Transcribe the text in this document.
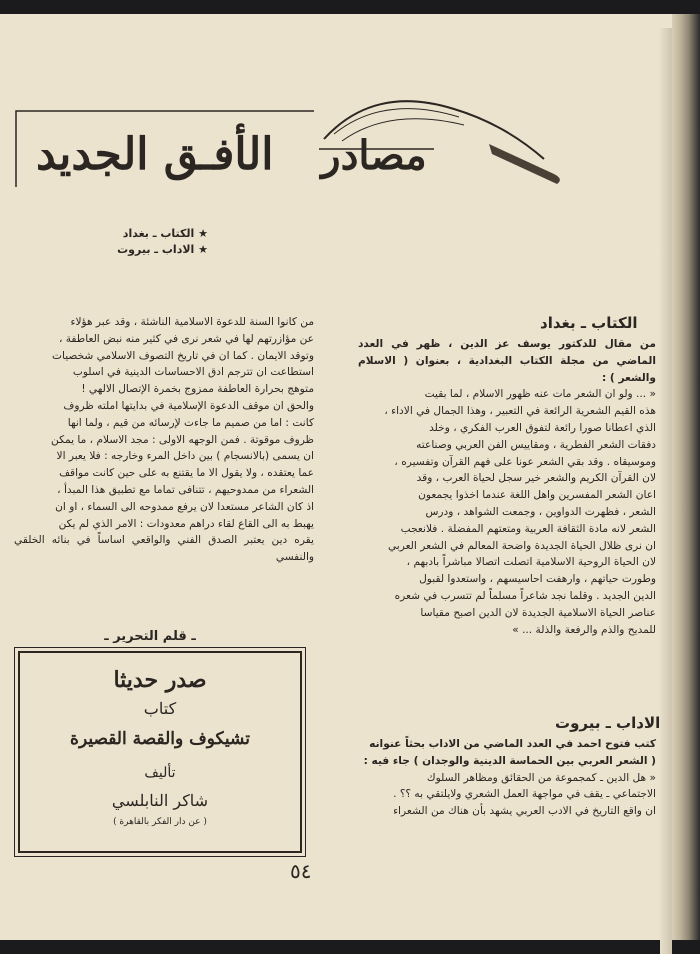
مصادر
الأفـق الجديد
★ الكتاب ـ بغداد
★ الاداب ـ بيروت
الكتاب ـ بغداد

من مقال للدكتور يوسف عز الدين ، ظهر في العدد الماضي من مجلة الكتاب البغدادية ، بعنوان ( الاسلام والشعر ) :

« ... ولو ان الشعر مات عنه ظهور الاسلام ، لما بقيت

هذه القيم الشعرية الرائعة في التعبير ، وهذا الجمال في الاداء ،

الذي اعطانا صورا رائعة لتفوق العرب الفكري ، وخلد

دفقات الشعر الفطرية ، ومقاييس الفن العربي وصناعته

وموسيقاه . وقد بقي الشعر عونا على فهم القرآن وتفسيره ،

لان القرآن الكريم والشعر خير سجل لحياة العرب ، وقد

اعان الشعر المفسرين واهل اللغة عندما اخذوا يجمعون

الشعر ، فظهرت الدواوين ، وجمعت الشواهد ، ودرس

الشعر لانه مادة الثقافة العربية ومتعتهم المفضلة . فلانعجب

ان نرى ظلال الحياة الجديدة واضحة المعالم في الشعر العربي

لان الحياة الروحية الاسلامية اتصلت اتصالا مباشراً بادبهم ،

وطورت حياتهم ، وارهفت احاسيسهم ، واستعدوا لقبول

الدين الجديد . وقلما نجد شاعراً مسلماً لم تتسرب في شعره

عناصر الحياة الاسلامية الجديدة لان الدين اصبح مقياسا

للمديح والذم والرفعة والذلة ... »

الاداب ـ بيروت

كتب فتوح احمد في العدد الماضي من الاداب بحثاً عنوانه

( الشعر العربي بين الحماسة الدينية والوجدان ) جاء فيه :

« هل الدين ـ كمجموعة من الحقائق ومظاهر السلوك

الاجتماعي ـ يقف في مواجهة العمل الشعري ولايلتقي به ؟؟ .

ان واقع التاريخ في الادب العربي يشهد بأن هناك من الشعراء

من كانوا السنة للدعوة الاسلامية الناشئة ، وقد عبر هؤلاء

عن مؤازرتهم لها في شعر نرى في كثير منه نبض العاطفة ،

وتوقد الايمان . كما ان في تاريخ التصوف الاسلامي شخصيات

استطاعت ان تترجم ادق الاحساسات الدينية في اسلوب

متوهج بحرارة العاطفة ممزوج بخمرة الإتصال الالهي !

والحق ان موقف الدعوة الإسلامية في بدايتها املته ظروف

كانت : اما من صميم ما جاءت لإرسائه من قيم ، ولما انها

ظروف موقوتة . فمن الوجهه الاولى : مجد الاسلام ، ما يمكن

ان يسمى (بالانسجام ) بين داخل المرء وخارجه : فلا يعبر الا

عما يعتقده ، ولا يقول الا ما يقتنع به على حين كانت مواقف

الشعراء من ممدوحيهم ، تتنافى تماما مع تطبيق هذا المبدأ ،

اذ كان الشاعر مستعدا لان يرفع ممدوحه الى السماء ، او ان

يهبط به الى القاع لقاء دراهم معدودات : الامر الذي لم يكن

يقره دين يعتبر الصدق الفني والواقعي اساساً في بنائه الخلقي والنفسي

ـ قلم التحرير ـ
صدر حديثا
كتاب
تشيكوف والقصة القصيرة
تأليف
شاكر النابلسي
( عن دار الفكر بالقاهرة )
٥٤
